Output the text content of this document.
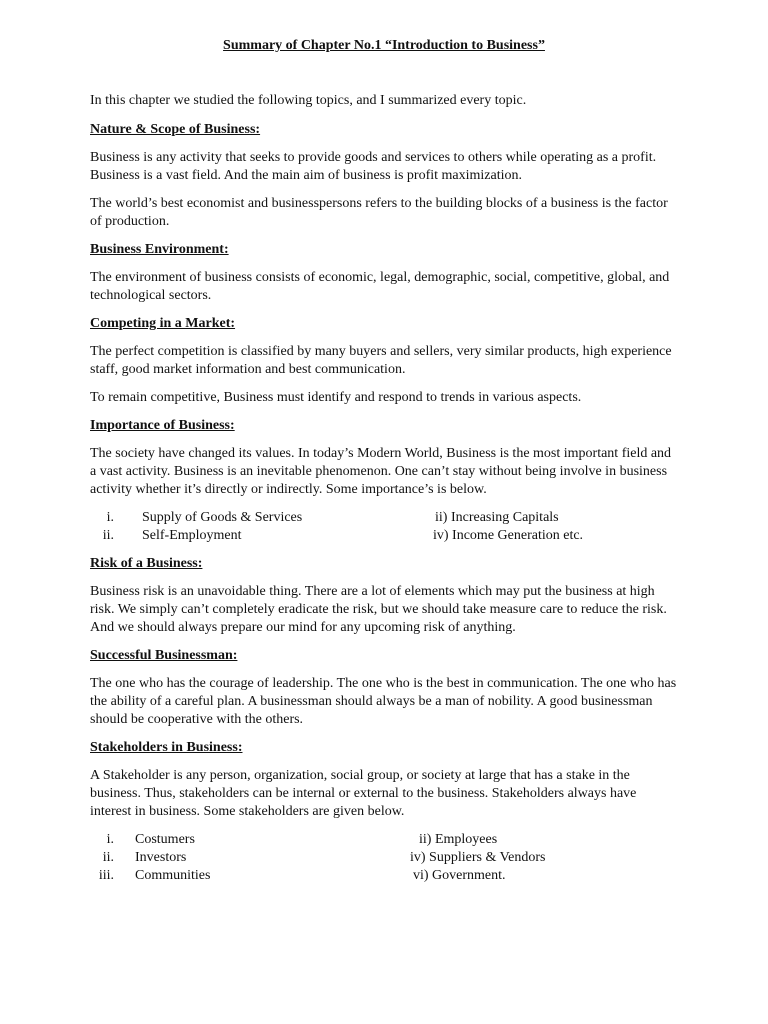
Summary of Chapter No.1 “Introduction to Business”

In this chapter we studied the following topics, and I summarized every topic.

Nature & Scope of Business:

Business is any activity that seeks to provide goods and services to others while operating as a profit. Business is a vast field. And the main aim of business is profit maximization.

The world’s best economist and businesspersons refers to the building blocks of a business is the factor of production.

Business Environment:

The environment of business consists of economic, legal, demographic, social, competitive, global, and technological sectors.

Competing in a Market:

The perfect competition is classified by many buyers and sellers, very similar products, high experience staff, good market information and best communication.

To remain competitive, Business must identify and respond to trends in various aspects.

Importance of Business:

The society have changed its values. In today’s Modern World, Business is the most important field and a vast activity. Business is an inevitable phenomenon. One can’t stay without being involve in business activity whether it’s directly or indirectly. Some importance’s is below.

i. Supply of Goods & Services	ii) Increasing Capitals
ii. Self-Employment	iv) Income Generation etc.

Risk of a Business:

Business risk is an unavoidable thing. There are a lot of elements which may put the business at high risk. We simply can’t completely eradicate the risk, but we should take measure care to reduce the risk. And we should always prepare our mind for any upcoming risk of anything.

Successful Businessman:

The one who has the courage of leadership. The one who is the best in communication. The one who has the ability of a careful plan. A businessman should always be a man of nobility. A good businessman should be cooperative with the others.

Stakeholders in Business:

A Stakeholder is any person, organization, social group, or society at large that has a stake in the business. Thus, stakeholders can be internal or external to the business. Stakeholders always have interest in business. Some stakeholders are given below.

i. Costumers	ii) Employees
ii. Investors	iv) Suppliers & Vendors
iii. Communities	vi) Government.
